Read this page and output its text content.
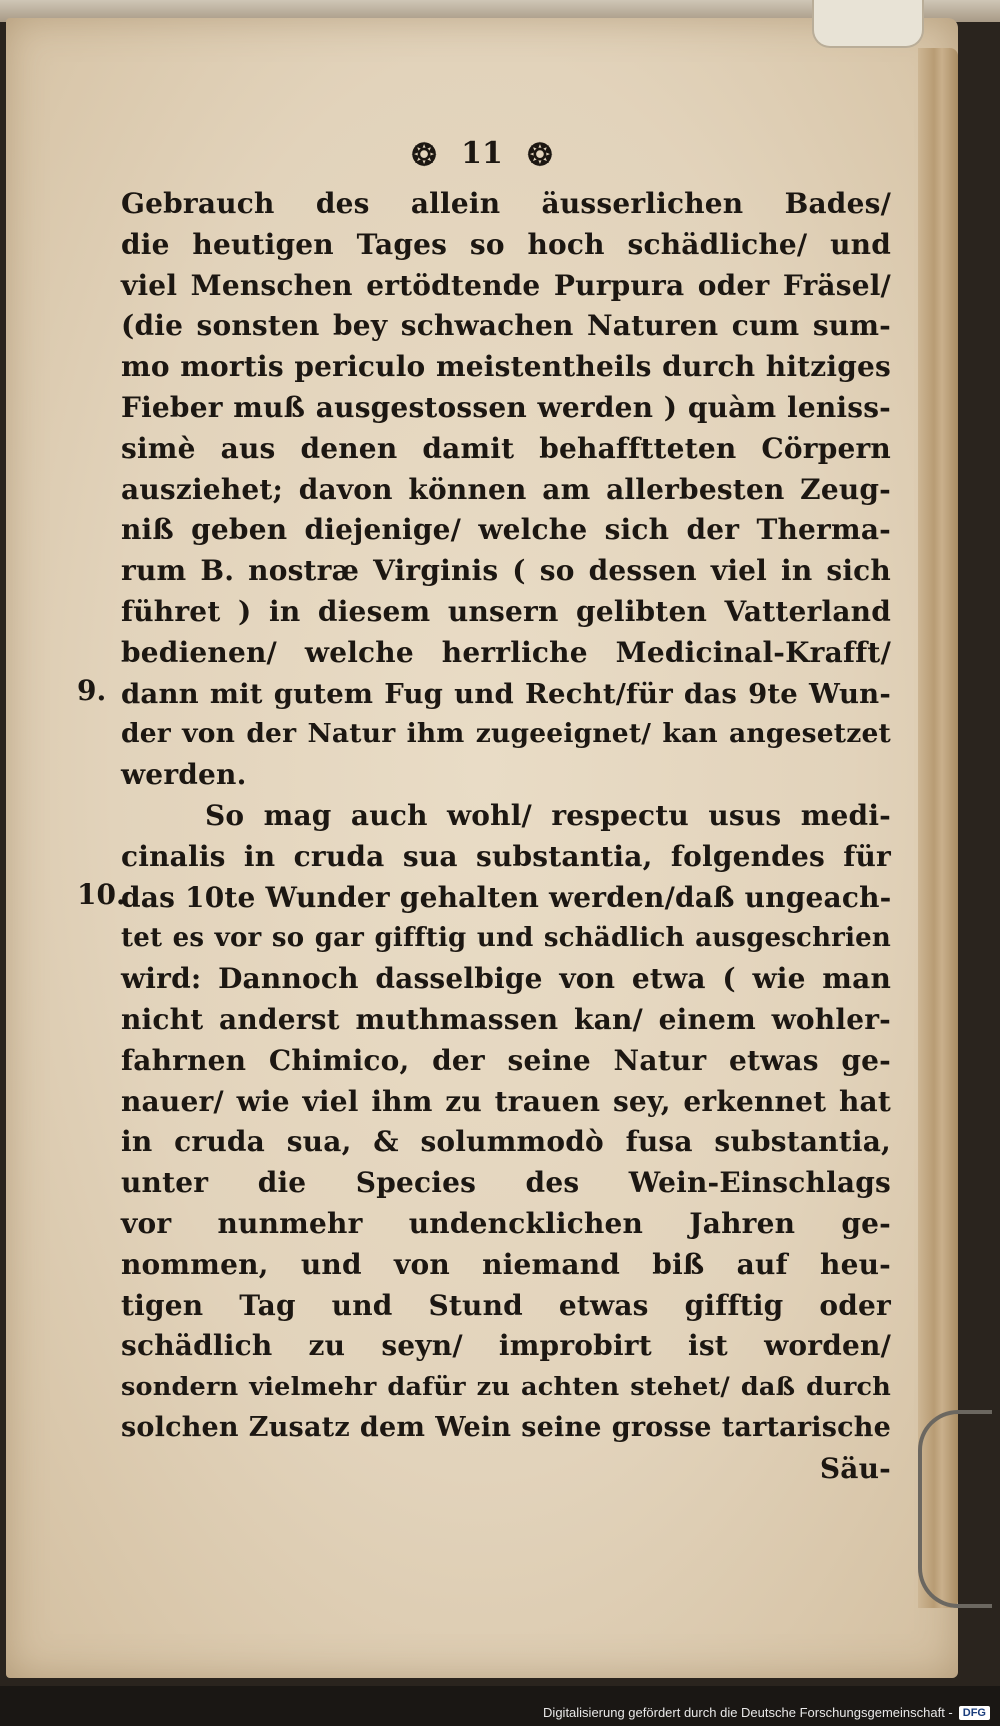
❂ 11 ❂
9.
10.
Gebrauch des allein äusserlichen Bades/
die heutigen Tages so hoch schädliche/ und
viel Menschen ertödtende Purpura oder Fräsel/
(die sonsten bey schwachen Naturen cum sum-
mo mortis periculo meistentheils durch hitziges
Fieber muß ausgestossen werden ) quàm leniss-
simè aus denen damit behafftteten Cörpern
ausziehet; davon können am allerbesten Zeug-
niß geben diejenige/ welche sich der Therma-
rum B. nostræ Virginis ( so dessen viel in sich
führet ) in diesem unsern gelibten Vatterland
bedienen/ welche herrliche Medicinal-Krafft/
dann mit gutem Fug und Recht/für das 9te Wun-
der von der Natur ihm zugeeignet/ kan angesetzet
werden.
So mag auch wohl/ respectu usus medi-
cinalis in cruda sua substantia, folgendes für
das 10te Wunder gehalten werden/daß ungeach-
tet es vor so gar gifftig und schädlich ausgeschrien
wird: Dannoch dasselbige von etwa ( wie man
nicht anderst muthmassen kan/ einem wohler-
fahrnen Chimico, der seine Natur etwas ge-
nauer/ wie viel ihm zu trauen sey, erkennet hat
in cruda sua, & solummodò fusa substantia,
unter die Species des Wein-Einschlags
vor nunmehr undencklichen Jahren ge-
nommen, und von niemand biß auf heu-
tigen Tag und Stund etwas gifftig oder
schädlich zu seyn/ improbirt ist worden/
sondern vielmehr dafür zu achten stehet/ daß durch
solchen Zusatz dem Wein seine grosse tartarische
Säu-
Digitalisierung gefördert durch die Deutsche Forschungsgemeinschaft - DFG
